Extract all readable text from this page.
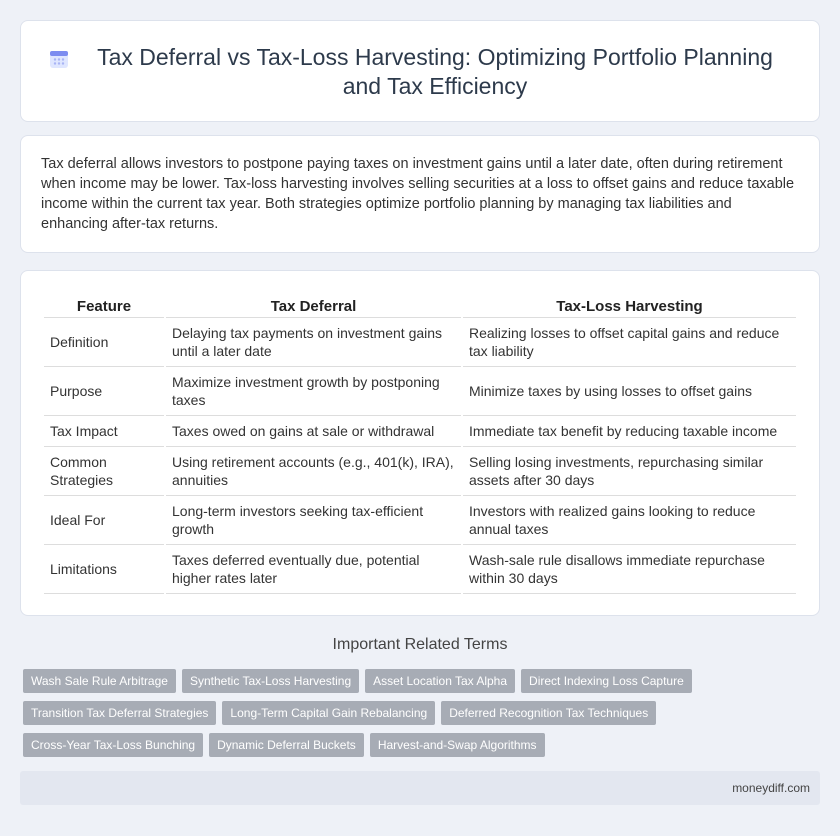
Tax Deferral vs Tax-Loss Harvesting: Optimizing Portfolio Planning and Tax Efficiency

Tax deferral allows investors to postpone paying taxes on investment gains until a later date, often during retirement when income may be lower. Tax-loss harvesting involves selling securities at a loss to offset gains and reduce taxable income within the current tax year. Both strategies optimize portfolio planning by managing tax liabilities and enhancing after-tax returns.

Feature	Tax Deferral	Tax-Loss Harvesting
Definition	Delaying tax payments on investment gains until a later date	Realizing losses to offset capital gains and reduce tax liability
Purpose	Maximize investment growth by postponing taxes	Minimize taxes by using losses to offset gains
Tax Impact	Taxes owed on gains at sale or withdrawal	Immediate tax benefit by reducing taxable income
Common Strategies	Using retirement accounts (e.g., 401(k), IRA), annuities	Selling losing investments, repurchasing similar assets after 30 days
Ideal For	Long-term investors seeking tax-efficient growth	Investors with realized gains looking to reduce annual taxes
Limitations	Taxes deferred eventually due, potential higher rates later	Wash-sale rule disallows immediate repurchase within 30 days
Important Related Terms
Wash Sale Rule Arbitrage Synthetic Tax-Loss Harvesting Asset Location Tax Alpha Direct Indexing Loss Capture
Transition Tax Deferral Strategies Long-Term Capital Gain Rebalancing Deferred Recognition Tax Techniques
Cross-Year Tax-Loss Bunching Dynamic Deferral Buckets Harvest-and-Swap Algorithms
moneydiff.com
